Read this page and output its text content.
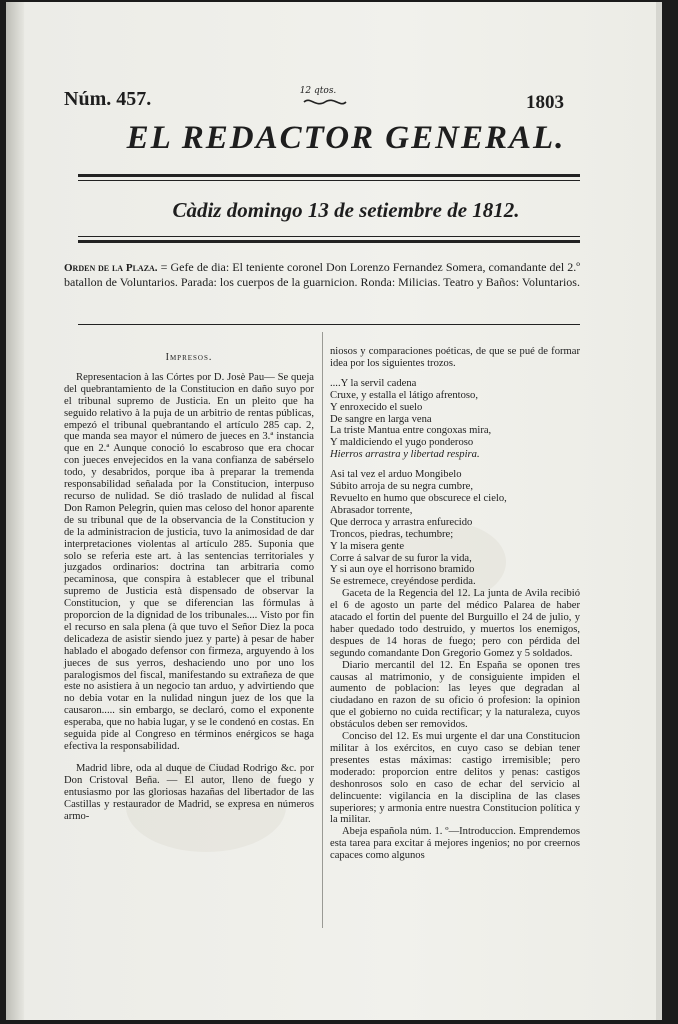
Núm. 457.	12 qtos.
1803
EL REDACTOR GENERAL.
Càdiz domingo 13 de setiembre de 1812.
Orden de la Plaza. = Gefe de dia: El teniente coronel Don Lorenzo Fernandez Somera, comandante del 2.º batallon de Voluntarios. Parada: los cuerpos de la guarnicion. Ronda: Milicias. Teatro y Baños: Voluntarios.

Impresos.

Representacion à las Córtes por D. Josè Pau— Se queja del quebrantamiento de la Constitucion en daño suyo por el tribunal supremo de Justicia. En un pleito que ha seguido relativo à la puja de un arbitrio de rentas públicas, empezó el tribunal quebrantando el artículo 285 cap. 2, que manda sea mayor el número de jueces en 3.ª instancia que en 2.ª Aunque conoció lo escabroso que era chocar con jueces envejecidos en la vana confianza de sabérselo todo, y desabridos, porque iba à preparar la tremenda responsabilidad señalada por la Constitucion, interpuso recurso de nulidad. Se dió traslado de nulidad al fiscal Don Ramon Pelegrin, quien mas celoso del honor aparente de su tribunal que de la observancia de la Constitucion y de la administracion de justicia, tuvo la animosidad de dar interpretaciones violentas al artículo 285. Suponia que solo se referia este art. à las sentencias territoriales y juzgados ordinarios: doctrina tan arbitraria como pecaminosa, que conspira à establecer que el tribunal supremo de Justicia està dispensado de observar la Constitucion, y que se diferencian las fórmulas à proporcion de la dignidad de los tribunales.... Visto por fin el recurso en sala plena (à que tuvo el Señor Diez la poca delicadeza de asistir siendo juez y parte) à pesar de haber hablado el abogado defensor con firmeza, arguyendo à los jueces de sus yerros, deshaciendo uno por uno los paralogismos del fiscal, manifestando su extrañeza de que este no asistiera à un negocio tan arduo, y advirtiendo que no debia votar en la nulidad ningun juez de los que la causaron..... sin embargo, se declaró, como el exponente esperaba, que no habia lugar, y se le condenó en costas. En seguida pide al Congreso en términos enérgicos se haga efectiva la responsabilidad.

Madrid libre, oda al duque de Ciudad Rodrigo &c. por Don Cristoval Beña. — El autor, lleno de fuego y entusiasmo por las gloriosas hazañas del libertador de las Castillas y restaurador de Madrid, se expresa en números armo-

niosos y comparaciones poéticas, de que se pué de formar idea por los siguientes trozos.

....Y la servil cadena
Cruxe, y estalla el látigo afrentoso,
Y enroxecido el suelo
De sangre en larga vena
La triste Mantua entre congoxas mira,
Y maldiciendo el yugo ponderoso
Hierros arrastra y libertad respira.

Asi tal vez el arduo Mongibelo
Súbito arroja de su negra cumbre,
Revuelto en humo que obscurece el cielo,
Abrasador torrente,
Que derroca y arrastra enfurecido
Troncos, piedras, techumbre;
Y la misera gente
Corre á salvar de su furor la vida,
Y si aun oye el horrisono bramido
Se estremece, creyéndose perdida.

Gaceta de la Regencia del 12. La junta de Avila recibió el 6 de agosto un parte del médico Palarea de haber atacado el fortin del puente del Burguillo el 24 de julio, y haber quedado todo destruido, y muertos los enemigos, despues de 14 horas de fuego; pero con pérdida del segundo comandante Don Gregorio Gomez y 5 soldados.

Diario mercantil del 12. En España se oponen tres causas al matrimonio, y de consiguiente impiden el aumento de poblacion: las leyes que degradan al ciudadano en razon de su oficio ó profesion: la opinion que el gobierno no cuida rectificar; y la naturaleza, cuyos obstáculos deben ser removidos.

Conciso del 12. Es mui urgente el dar una Constitucion militar à los exércitos, en cuyo caso se debian tener presentes estas máximas: castigo irremisible; pero moderado: proporcion entre delitos y penas: castigos deshonrosos solo en caso de echar del servicio al delincuente: vigilancia en la disciplina de las clases superiores; y armonia entre nuestra Constitucion política y la militar.

Abeja española núm. 1. º—Introduccion. Emprendemos esta tarea para excitar á mejores ingenios; no por creernos capaces como algunos
